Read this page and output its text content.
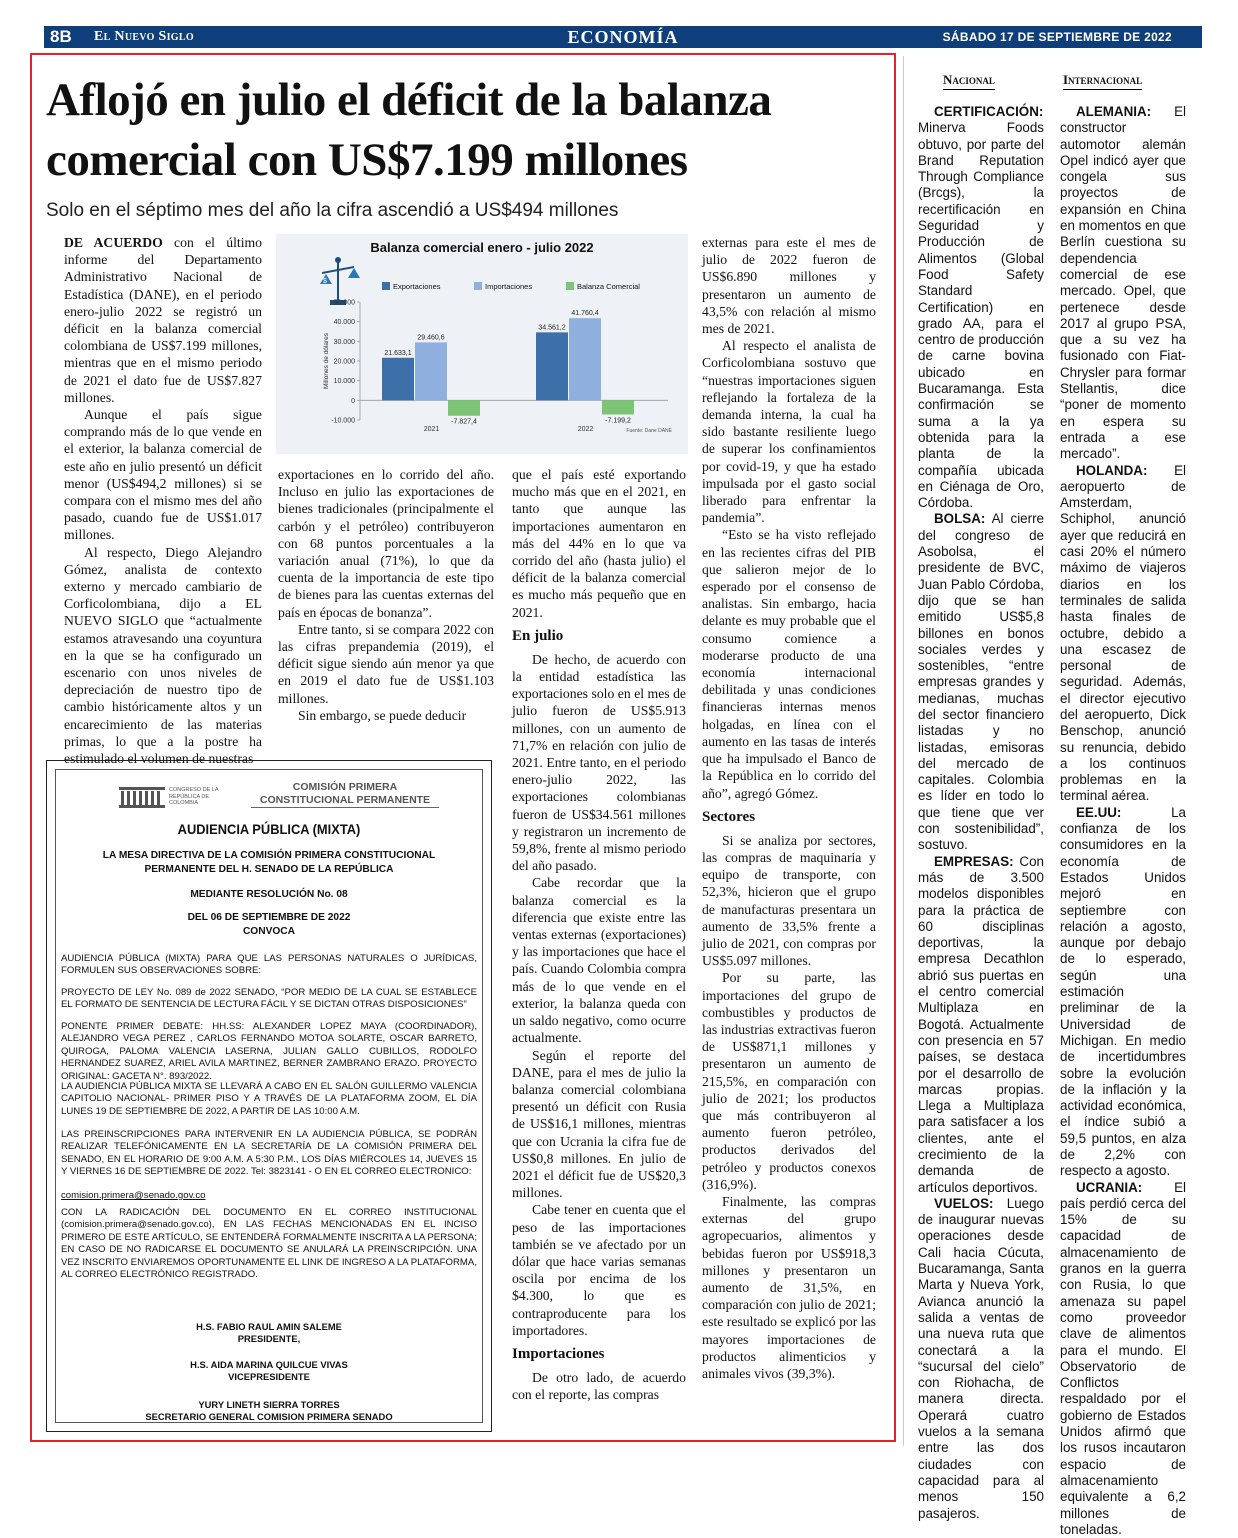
8B El Nuevo Siglo	ECONOMÍA	SÁBADO 17 DE SEPTIEMBRE DE 2022
Aflojó en julio el déficit de la balanza comercial con US$7.199 millones
Solo en el séptimo mes del año la cifra ascendió a US$494 millones

DE ACUERDO con el último informe del Departamento Administrativo Nacional de Estadística (DANE), en el periodo enero-julio 2022 se registró un déficit en la balanza comercial colombiana de US$7.199 millones, mientras que en el mismo periodo de 2021 el dato fue de US$7.827 millones.

Aunque el país sigue comprando más de lo que vende en el exterior, la balanza comercial de este año en julio presentó un déficit menor (US$494,2 millones) si se compara con el mismo mes del año pasado, cuando fue de US$1.017 millones.

Al respecto, Diego Alejandro Gómez, analista de contexto externo y mercado cambiario de Corficolombiana, dijo a EL NUEVO SIGLO que “actualmente estamos atravesando una coyuntura en la que se ha configurado un escenario con unos niveles de depreciación de nuestro tipo de cambio históricamente altos y un encarecimiento de las materias primas, lo que a la postre ha estimulado el volumen de nuestras

Balanza comercial enero - julio 2022
$
Exportaciones	Importaciones	Balanza Comercial
-10.000
0
10.000
20.000
30.000
40.000
50.000
Millones de dólares	21.633,1
29.460,6
-7.827,4
2021
34.561,2
41.760,4
-7.199,2
2022	Fuente: Dane DANE

exportaciones en lo corrido del año. Incluso en julio las exportaciones de bienes tradicionales (principalmente el carbón y el petróleo) contribuyeron con 68 puntos porcentuales a la variación anual (71%), lo que da cuenta de la importancia de este tipo de bienes para las cuentas externas del país en épocas de bonanza”.

Entre tanto, si se compara 2022 con las cifras prepandemia (2019), el déficit sigue siendo aún menor ya que en 2019 el dato fue de US$1.103 millones.

Sin embargo, se puede deducir

que el país esté exportando mucho más que en el 2021, en tanto que aunque las importaciones aumentaron en más del 44% en lo que va corrido del año (hasta julio) el déficit de la balanza comercial es mucho más pequeño que en 2021.

En julio

De hecho, de acuerdo con la entidad estadística las exportaciones solo en el mes de julio fueron de US$5.913 millones, con un aumento de 71,7% en relación con julio de 2021. Entre tanto, en el periodo enero-julio 2022, las exportaciones colombianas fueron de US$34.561 millones y registraron un incremento de 59,8%, frente al mismo periodo del año pasado.

Cabe recordar que la balanza comercial es la diferencia que existe entre las ventas externas (exportaciones) y las importaciones que hace el país. Cuando Colombia compra más de lo que vende en el exterior, la balanza queda con un saldo negativo, como ocurre actualmente.

Según el reporte del DANE, para el mes de julio la balanza comercial colombiana presentó un déficit con Rusia de US$16,1 millones, mientras que con Ucrania la cifra fue de US$0,8 millones. En julio de 2021 el déficit fue de US$20,3 millones.

Cabe tener en cuenta que el peso de las importaciones también se ve afectado por un dólar que hace varias semanas oscila por encima de los $4.300, lo que es contraproducente para los importadores.

Importaciones

De otro lado, de acuerdo con el reporte, las compras

externas para este el mes de julio de 2022 fueron de US$6.890 millones y presentaron un aumento de 43,5% con relación al mismo mes de 2021.

Al respecto el analista de Corficolombiana sostuvo que “nuestras importaciones siguen reflejando la fortaleza de la demanda interna, la cual ha sido bastante resiliente luego de superar los confinamientos por covid-19, y que ha estado impulsada por el gasto social liberado para enfrentar la pandemia”.

“Esto se ha visto reflejado en las recientes cifras del PIB que salieron mejor de lo esperado por el consenso de analistas. Sin embargo, hacia delante es muy probable que el consumo comience a moderarse producto de una economía internacional debilitada y unas condiciones financieras internas menos holgadas, en línea con el aumento en las tasas de interés que ha impulsado el Banco de la República en lo corrido del año”, agregó Gómez.

Sectores

Si se analiza por sectores, las compras de maquinaria y equipo de transporte, con 52,3%, hicieron que el grupo de manufacturas presentara un aumento de 33,5% frente a julio de 2021, con compras por US$5.097 millones.

Por su parte, las importaciones del grupo de combustibles y productos de las industrias extractivas fueron de US$871,1 millones y presentaron un aumento de 215,5%, en comparación con julio de 2021; los productos que más contribuyeron al aumento fueron petróleo, productos derivados del petróleo y productos conexos (316,9%).

Finalmente, las compras externas del grupo agropecuarios, alimentos y bebidas fueron por US$918,3 millones y presentaron un aumento de 31,5%, en comparación con julio de 2021; este resultado se explicó por las mayores importaciones de productos alimenticios y animales vivos (39,3%).

CONGRESO DE LA REPÚBLICA DE COLOMBIA
COMISIÓN PRIMERA
CONSTITUCIONAL PERMANENTE
AUDIENCIA PÚBLICA (MIXTA)
LA MESA DIRECTIVA DE LA COMISIÓN PRIMERA CONSTITUCIONAL PERMANENTE DEL H. SENADO DE LA REPÚBLICA
MEDIANTE RESOLUCIÓN No. 08
DEL 06 DE SEPTIEMBRE DE 2022 CONVOCA
AUDIENCIA PÚBLICA (MIXTA) PARA QUE LAS PERSONAS NATURALES O JURÍDICAS, FORMULEN SUS OBSERVACIONES SOBRE:
PROYECTO DE LEY No. 089 de 2022 SENADO, “POR MEDIO DE LA CUAL SE ESTABLECE EL FORMATO DE SENTENCIA DE LECTURA FÁCIL Y SE DICTAN OTRAS DISPOSICIONES”
PONENTE PRIMER DEBATE: HH.SS: ALEXANDER LOPEZ MAYA (COORDINADOR), ALEJANDRO VEGA PEREZ , CARLOS FERNANDO MOTOA SOLARTE, OSCAR BARRETO, QUIROGA, PALOMA VALENCIA LASERNA, JULIAN GALLO CUBILLOS, RODOLFO HERNANDEZ SUAREZ, ARIEL AVILA MARTINEZ, BERNER ZAMBRANO ERAZO. PROYECTO ORIGINAL: GACETA N°. 893/2022.
LA AUDIENCIA PÚBLICA MIXTA SE LLEVARÁ A CABO EN EL SALÓN GUILLERMO VALENCIA CAPITOLIO NACIONAL- PRIMER PISO Y A TRAVÉS DE LA PLATAFORMA ZOOM, EL DÍA LUNES 19 DE SEPTIEMBRE DE 2022, A PARTIR DE LAS 10:00 A.M.
LAS PREINSCRIPCIONES PARA INTERVENIR EN LA AUDIENCIA PÚBLICA, SE PODRÁN REALIZAR TELEFÓNICAMENTE EN LA SECRETARÍA DE LA COMISIÓN PRIMERA DEL SENADO, EN EL HORARIO DE 9:00 A.M. A 5:30 P.M., LOS DÍAS MIÉRCOLES 14, JUEVES 15 Y VIERNES 16 DE SEPTIEMBRE DE 2022. Tel: 3823141 - O EN EL CORREO ELECTRONICO:
comision.primera@senado.gov.co
CON LA RADICACIÓN DEL DOCUMENTO EN EL CORREO INSTITUCIONAL (comision.primera@senado.gov.co), EN LAS FECHAS MENCIONADAS EN EL INCISO PRIMERO DE ESTE ARTÍCULO, SE ENTENDERÁ FORMALMENTE INSCRITA A LA PERSONA; EN CASO DE NO RADICARSE EL DOCUMENTO SE ANULARÁ LA PREINSCRIPCIÓN. UNA VEZ INSCRITO ENVIAREMOS OPORTUNAMENTE EL LINK DE INGRESO A LA PLATAFORMA, AL CORREO ELECTRÓNICO REGISTRADO.
H.S. FABIO RAUL AMIN SALEME
PRESIDENTE,
H.S. AIDA MARINA QUILCUE VIVAS
VICEPRESIDENTE
YURY LINETH SIERRA TORRES
SECRETARIO GENERAL COMISION PRIMERA SENADO
Nacional	Internacional

CERTIFICACIÓN: Minerva Foods obtuvo, por parte del Brand Reputation Through Compliance (Brcgs), la recertificación en Seguridad y Producción de Alimentos (Global Food Safety Standard Certification) en grado AA, para el centro de producción de carne bovina ubicado en Bucaramanga. Esta confirmación se suma a la ya obtenida para la planta de la compañía ubicada en Ciénaga de Oro, Córdoba.

BOLSA: Al cierre del congreso de Asobolsa, el presidente de BVC, Juan Pablo Córdoba, dijo que se han emitido US$5,8 billones en bonos sociales verdes y sostenibles, “entre empresas grandes y medianas, muchas del sector financiero listadas y no listadas, emisoras del mercado de capitales. Colombia es líder en todo lo que tiene que ver con sostenibilidad”, sostuvo.

EMPRESAS: Con más de 3.500 modelos disponibles para la práctica de 60 disciplinas deportivas, la empresa Decathlon abrió sus puertas en el centro comercial Multiplaza en Bogotá. Actualmente con presencia en 57 países, se destaca por el desarrollo de marcas propias. Llega a Multiplaza para satisfacer a los clientes, ante el crecimiento de la demanda de artículos deportivos.

VUELOS: Luego de inaugurar nuevas operaciones desde Cali hacia Cúcuta, Bucaramanga, Santa Marta y Nueva York, Avianca anunció la salida a ventas de una nueva ruta que conectará a la “sucursal del cielo” con Riohacha, de manera directa. Operará cuatro vuelos a la semana entre las dos ciudades con capacidad para al menos 150 pasajeros.

ALEMANIA: El constructor automotor alemán Opel indicó ayer que congela sus proyectos de expansión en China en momentos en que Berlín cuestiona su dependencia comercial de ese mercado. Opel, que pertenece desde 2017 al grupo PSA, que a su vez ha fusionado con Fiat-Chrysler para formar Stellantis, dice “poner de momento en espera su entrada a ese mercado”.

HOLANDA: El aeropuerto de Amsterdam, Schiphol, anunció ayer que reducirá en casi 20% el número máximo de viajeros diarios en los terminales de salida hasta finales de octubre, debido a una escasez de personal de seguridad. Además, el director ejecutivo del aeropuerto, Dick Benschop, anunció su renuncia, debido a los continuos problemas en la terminal aérea.

EE.UU: La confianza de los consumidores en la economía de Estados Unidos mejoró en septiembre con relación a agosto, aunque por debajo de lo esperado, según una estimación preliminar de la Universidad de Michigan. En medio de incertidumbres sobre la evolución de la inflación y la actividad económica, el índice subió a 59,5 puntos, en alza de 2,2% con respecto a agosto.

UCRANIA: El país perdió cerca del 15% de su capacidad de almacenamiento de granos en la guerra con Rusia, lo que amenaza su papel como proveedor clave de alimentos para el mundo. El Observatorio de Conflictos respaldado por el gobierno de Estados Unidos afirmó que los rusos incautaron espacio de almacenamiento equivalente a 6,2 millones de toneladas.
